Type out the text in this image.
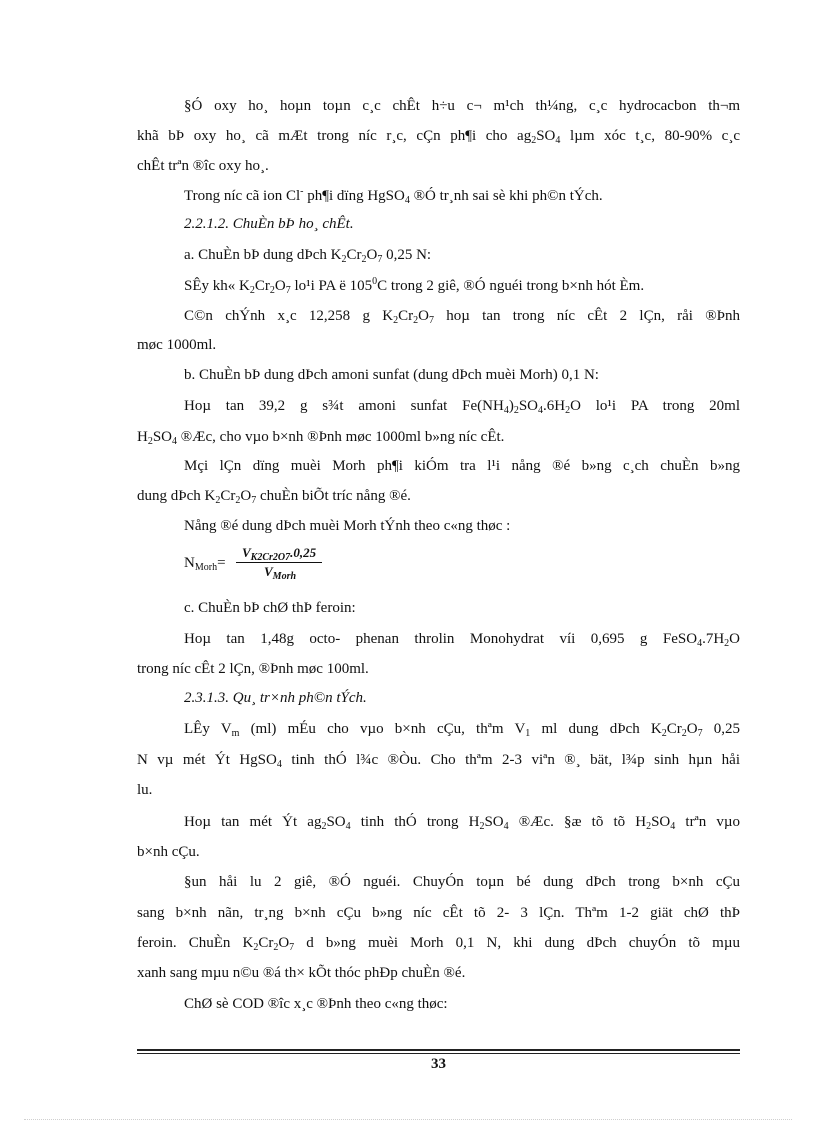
§Ó oxy ho¸ hoµn toµn c¸c chÊt h÷u c¬ m¹ch th¼ng, c¸c hydrocacbon th¬m
khã bÞ oxy ho¸ cã mÆt trong níc r¸c, cÇn ph¶i cho $ag_2SO_4$ lµm xóc t¸c, 80-90% c¸c
chÊt trªn ®îc oxy ho¸.
Trong níc cã ion Cl- ph¶i dïng HgSO$_4$ ®Ó tr¸nh sai sè khi ph©n tÝch.
2.2.1.2. ChuÈn bÞ ho¸ chÊt.
a. ChuÈn bÞ dung dÞch $K_2Cr_2O_7$ 0,25 N:
SÊy kh« $K_2Cr_2O_7$ lo¹i PA ë $105^0C$ trong 2 giê, ®Ó nguéi trong b×nh hót Èm.
C©n chÝnh x¸c 12,258 g $K_2Cr_2O_7$ hoµ tan trong níc cÊt 2 lÇn, råi ®Þnh
møc 1000ml.
b. ChuÈn bÞ dung dÞch amoni sunfat (dung dÞch muèi Morh) 0,1 N:
Hoµ tan 39,2 g s¾t amoni sunfat $Fe(NH_4)_2SO_4.6H_2O$ lo¹i PA trong 20ml
$H_2SO_4$ ®Æc, cho vµo b×nh ®Þnh møc 1000ml b»ng níc cÊt.
Mçi lÇn dïng muèi Morh ph¶i kiÓm tra l¹i nång ®é b»ng c¸ch chuÈn b»ng
dung dÞch $K_2Cr_2O_7$ chuÈn biÕt tríc nång ®é.
Nång ®é dung dÞch muèi Morh tÝnh theo c«ng thøc :
$N_{Morh}=$
$V_{K2Cr2O7}.0,25$
$V_{Morh}$
c. ChuÈn bÞ chØ thÞ feroin:
Hoµ tan 1,48g octo- phenan throlin Monohydrat víi 0,695 g $FeSO_4.7H_2O$
trong níc cÊt 2 lÇn, ®Þnh møc 100ml.
2.3.1.3. Qu¸ tr×nh ph©n tÝch.
LÊy $V_m$ (ml) mÉu cho vµo b×nh cÇu, thªm $V_1$ ml dung dÞch $K_2Cr_2O_7$ 0,25
N vµ mét Ýt HgSO$_4$ tinh thÓ l¾c ®Òu. Cho thªm 2-3 viªn ®¸ bät, l¾p sinh hµn håi
lu.
Hoµ tan mét Ýt $ag_2SO_4$ tinh thÓ trong $H_2SO_4$ ®Æc. §æ tõ tõ $H_2SO_4$ trªn vµo
b×nh cÇu.
§un håi lu 2 giê, ®Ó nguéi. ChuyÓn toµn bé dung dÞch trong b×nh cÇu
sang b×nh nãn, tr¸ng b×nh cÇu b»ng níc cÊt tõ 2- 3 lÇn. Thªm 1-2 giät chØ thÞ
feroin. ChuÈn $K_2Cr_2O_7$ d b»ng muèi Morh 0,1 N, khi dung dÞch chuyÓn tõ mµu
xanh sang mµu n©u ®á th× kÕt thóc phÐp chuÈn ®é.
ChØ sè COD ®îc x¸c ®Þnh theo c«ng thøc:
33
